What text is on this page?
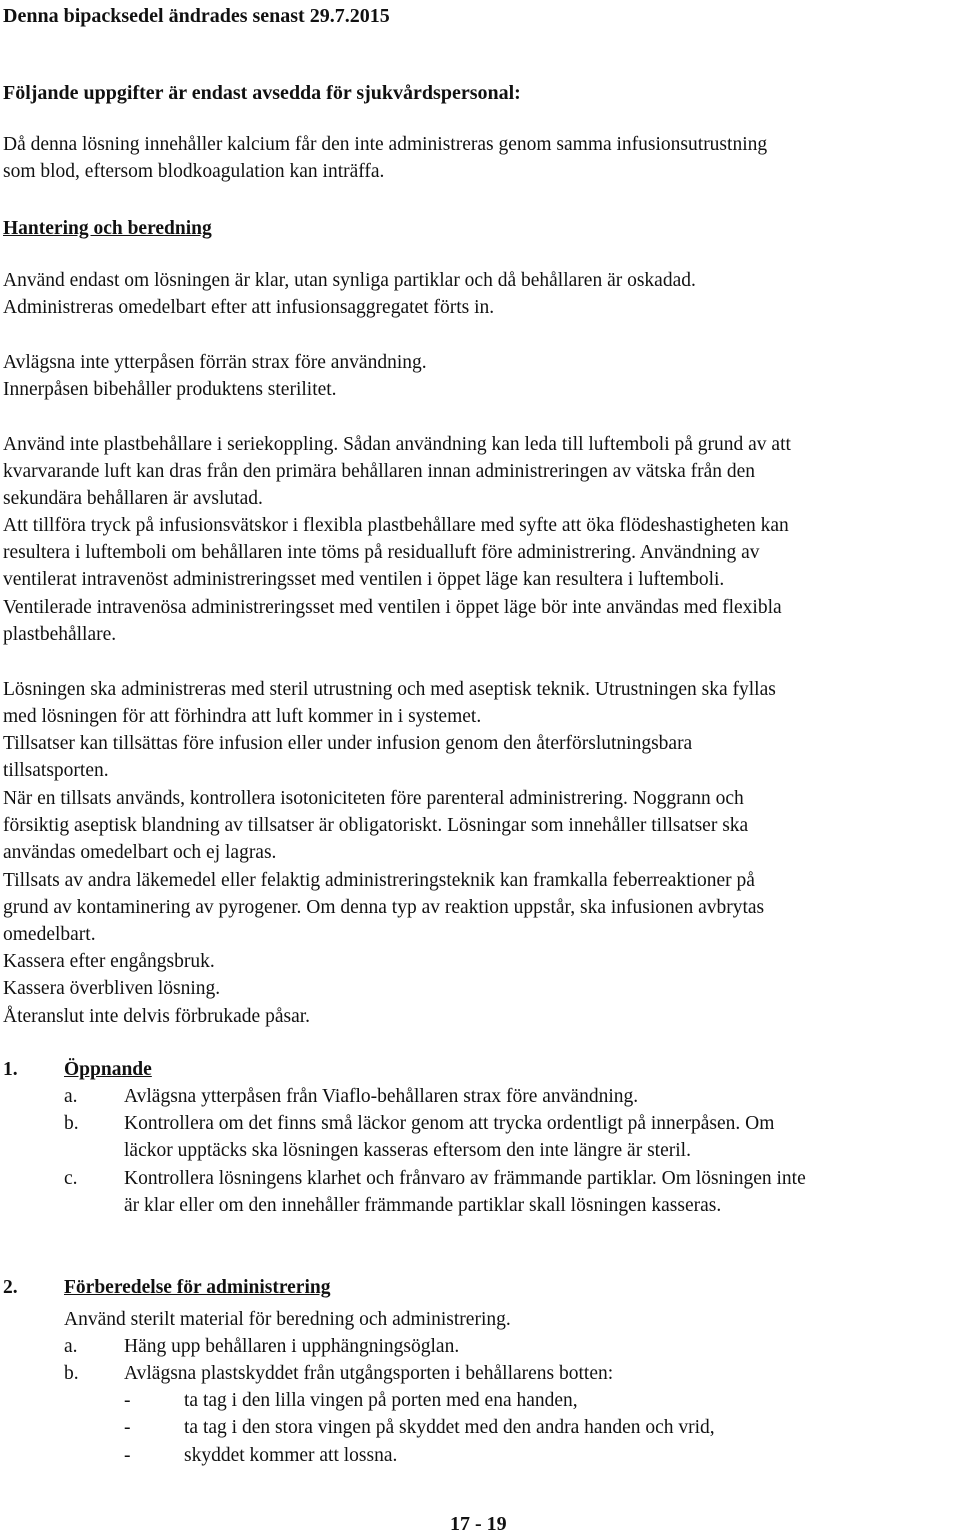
Denna bipacksedel ändrades senast 29.7.2015
Följande uppgifter är endast avsedda för sjukvårdspersonal:
Då denna lösning innehåller kalcium får den inte administreras genom samma infusionsutrustning
som blod, eftersom blodkoagulation kan inträffa.
Hantering och beredning
Använd endast om lösningen är klar, utan synliga partiklar och då behållaren är oskadad.
Administreras omedelbart efter att infusionsaggregatet förts in.
Avlägsna inte ytterpåsen förrän strax före användning.
Innerpåsen bibehåller produktens sterilitet.
Använd inte plastbehållare i seriekoppling. Sådan användning kan leda till luftemboli på grund av att
kvarvarande luft kan dras från den primära behållaren innan administreringen av vätska från den
sekundära behållaren är avslutad.
Att tillföra tryck på infusionsvätskor i flexibla plastbehållare med syfte att öka flödeshastigheten kan
resultera i luftemboli om behållaren inte töms på residualluft före administrering. Användning av
ventilerat intravenöst administreringsset med ventilen i öppet läge kan resultera i luftemboli.
Ventilerade intravenösa administreringsset med ventilen i öppet läge bör inte användas med flexibla
plastbehållare.
Lösningen ska administreras med steril utrustning och med aseptisk teknik. Utrustningen ska fyllas
med lösningen för att förhindra att luft kommer in i systemet.
Tillsatser kan tillsättas före infusion eller under infusion genom den återförslutningsbara
tillsatsporten.
När en tillsats används, kontrollera isotoniciteten före parenteral administrering. Noggrann och
försiktig aseptisk blandning av tillsatser är obligatoriskt. Lösningar som innehåller tillsatser ska
användas omedelbart och ej lagras.
Tillsats av andra läkemedel eller felaktig administreringsteknik kan framkalla feberreaktioner på
grund av kontaminering av pyrogener. Om denna typ av reaktion uppstår, ska infusionen avbrytas
omedelbart.
Kassera efter engångsbruk.
Kassera överbliven lösning.
Återanslut inte delvis förbrukade påsar.
1. Öppnande
a. Avlägsna ytterpåsen från Viaflo-behållaren strax före användning.
b. Kontrollera om det finns små läckor genom att trycka ordentligt på innerpåsen. Om
läckor upptäcks ska lösningen kasseras eftersom den inte längre är steril.
c. Kontrollera lösningens klarhet och frånvaro av främmande partiklar. Om lösningen inte
är klar eller om den innehåller främmande partiklar skall lösningen kasseras.
2. Förberedelse för administrering
Använd sterilt material för beredning och administrering.
a. Häng upp behållaren i upphängningsöglan.
b. Avlägsna plastskyddet från utgångsporten i behållarens botten:
-	ta tag i den lilla vingen på porten med ena handen,
-	ta tag i den stora vingen på skyddet med den andra handen och vrid,
-	skyddet kommer att lossna.
17 - 19
